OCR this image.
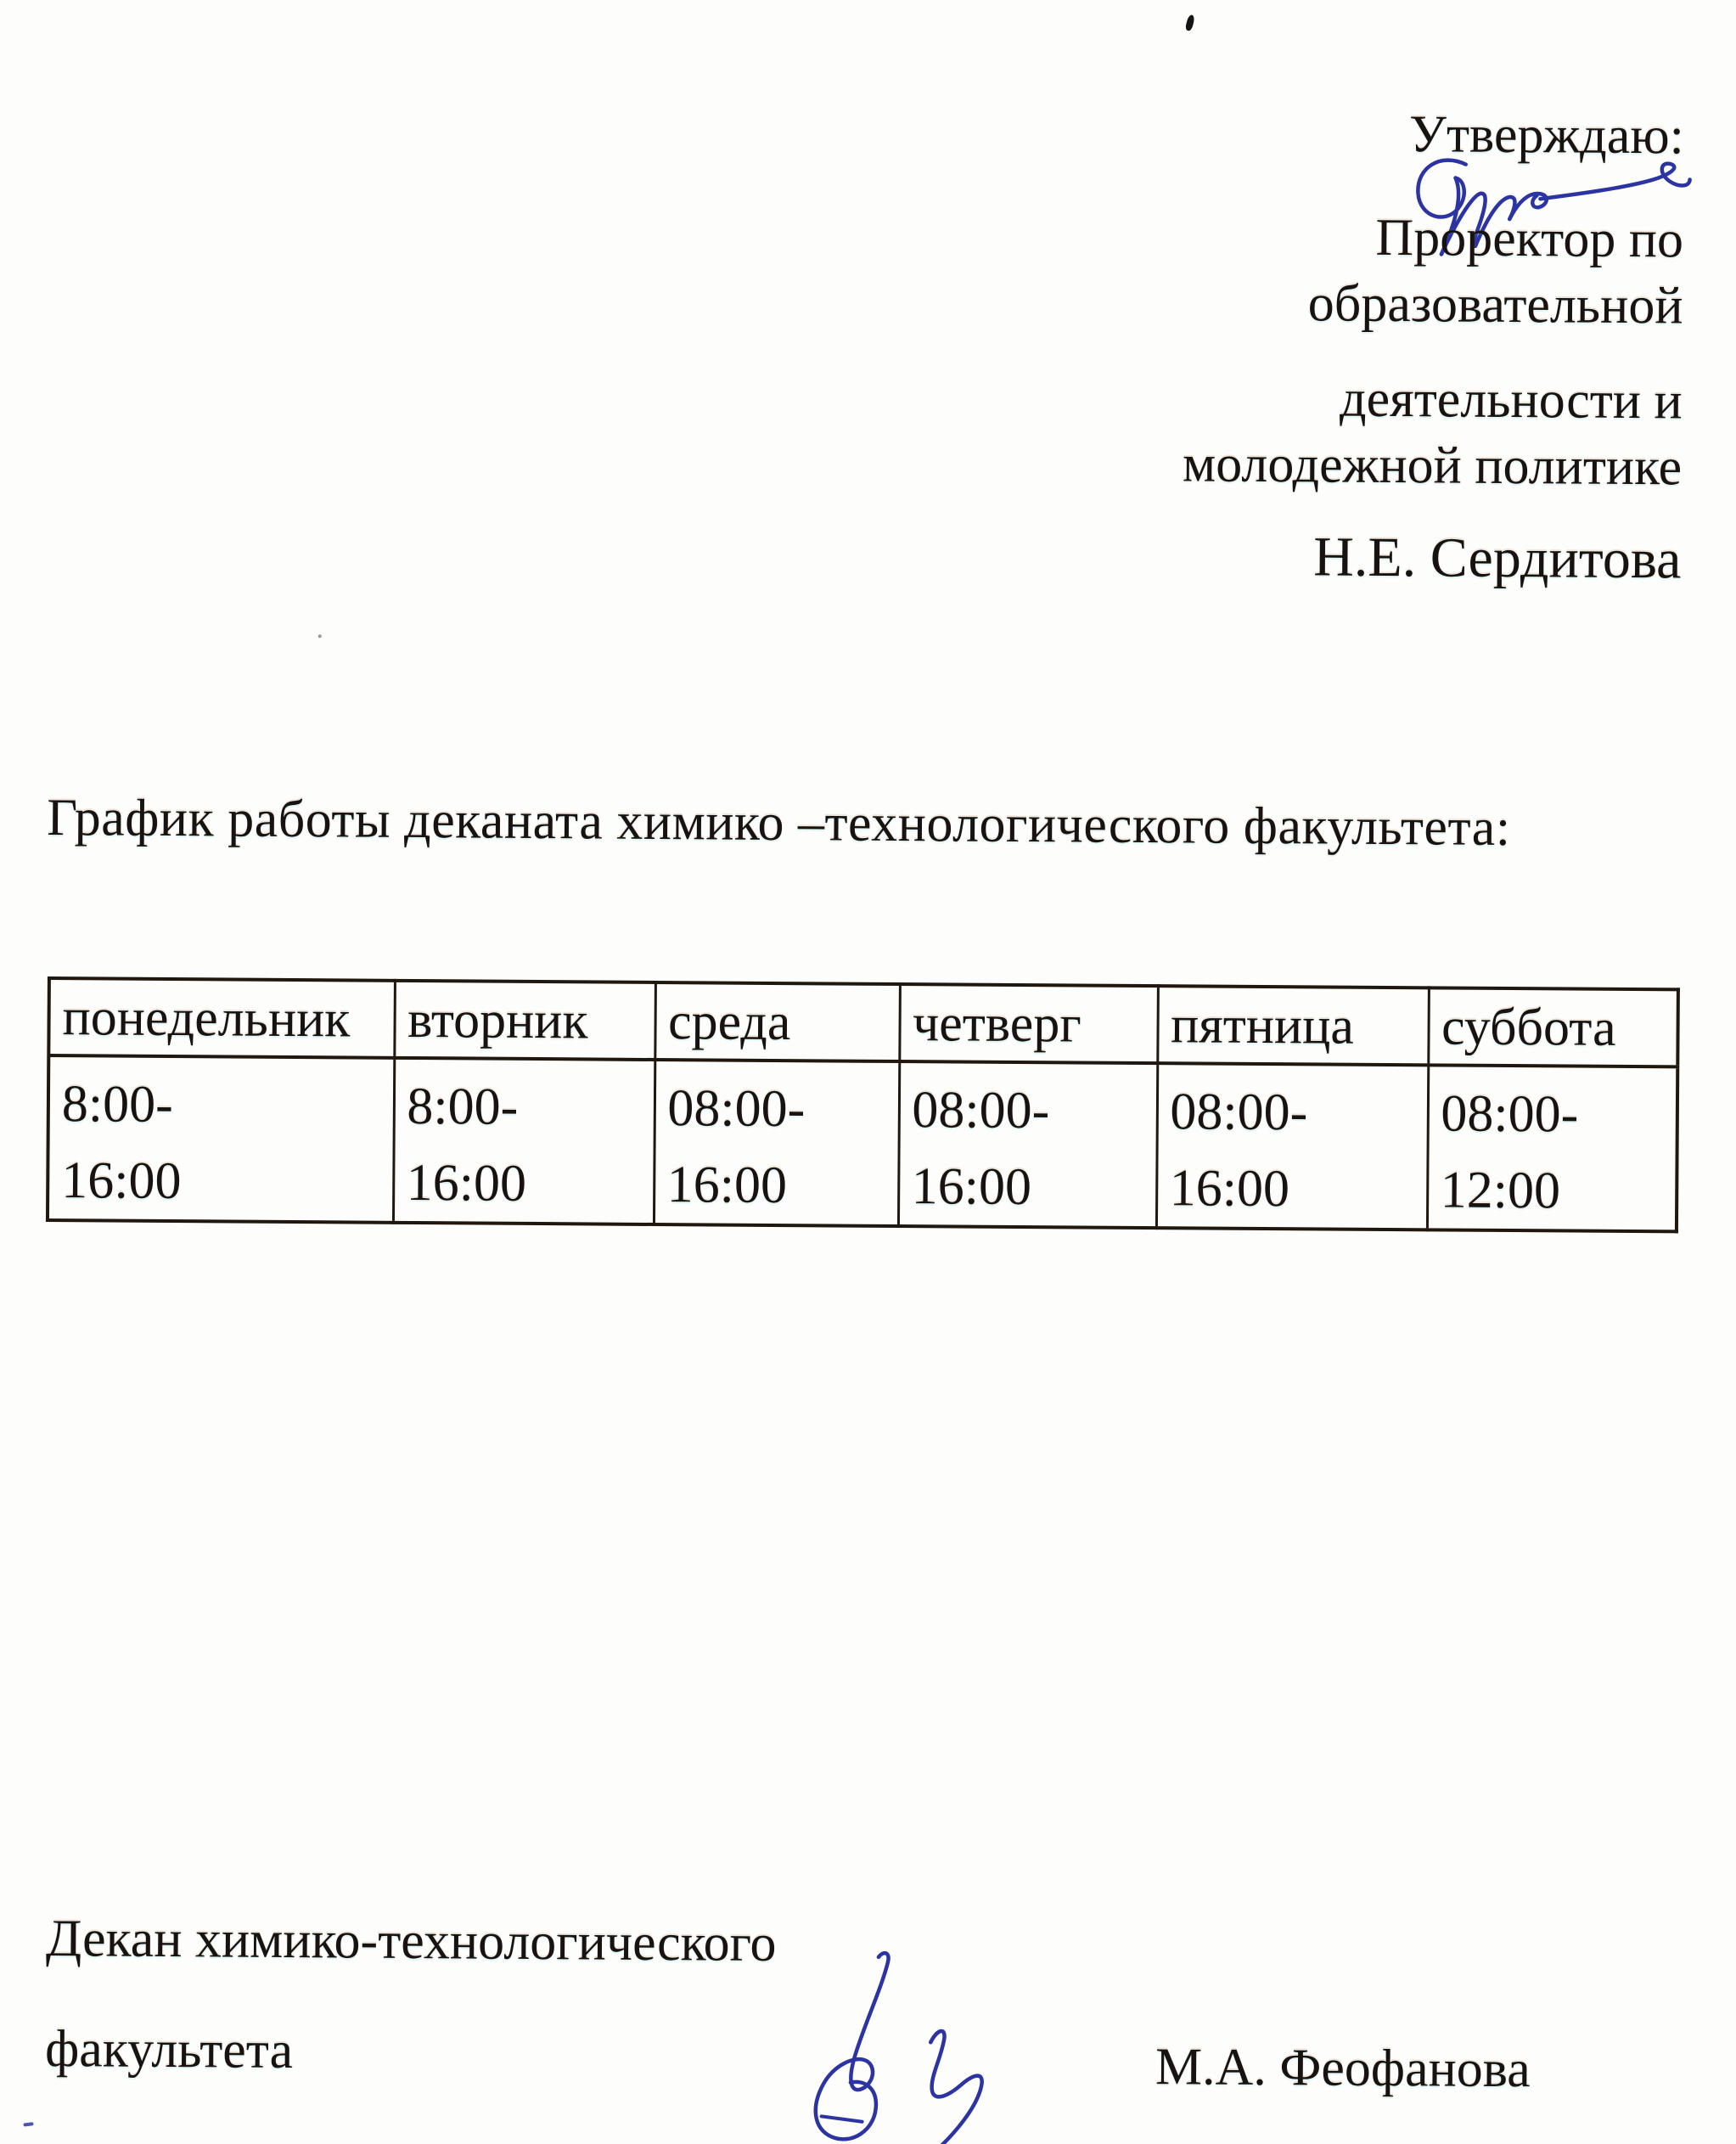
Утверждаю:
Проректор по
образовательной
деятельности и
молодежной политике
Н.Е. Сердитова
График работы деканата химико –технологического факультета:
понедельник	вторник	среда	четверг	пятница	суббота

8:00-
16:00	8:00-
16:00	08:00-
16:00	08:00-
16:00	08:00-
16:00	08:00-
12:00
Декан химико-технологического
факультета	М.А. Феофанова
